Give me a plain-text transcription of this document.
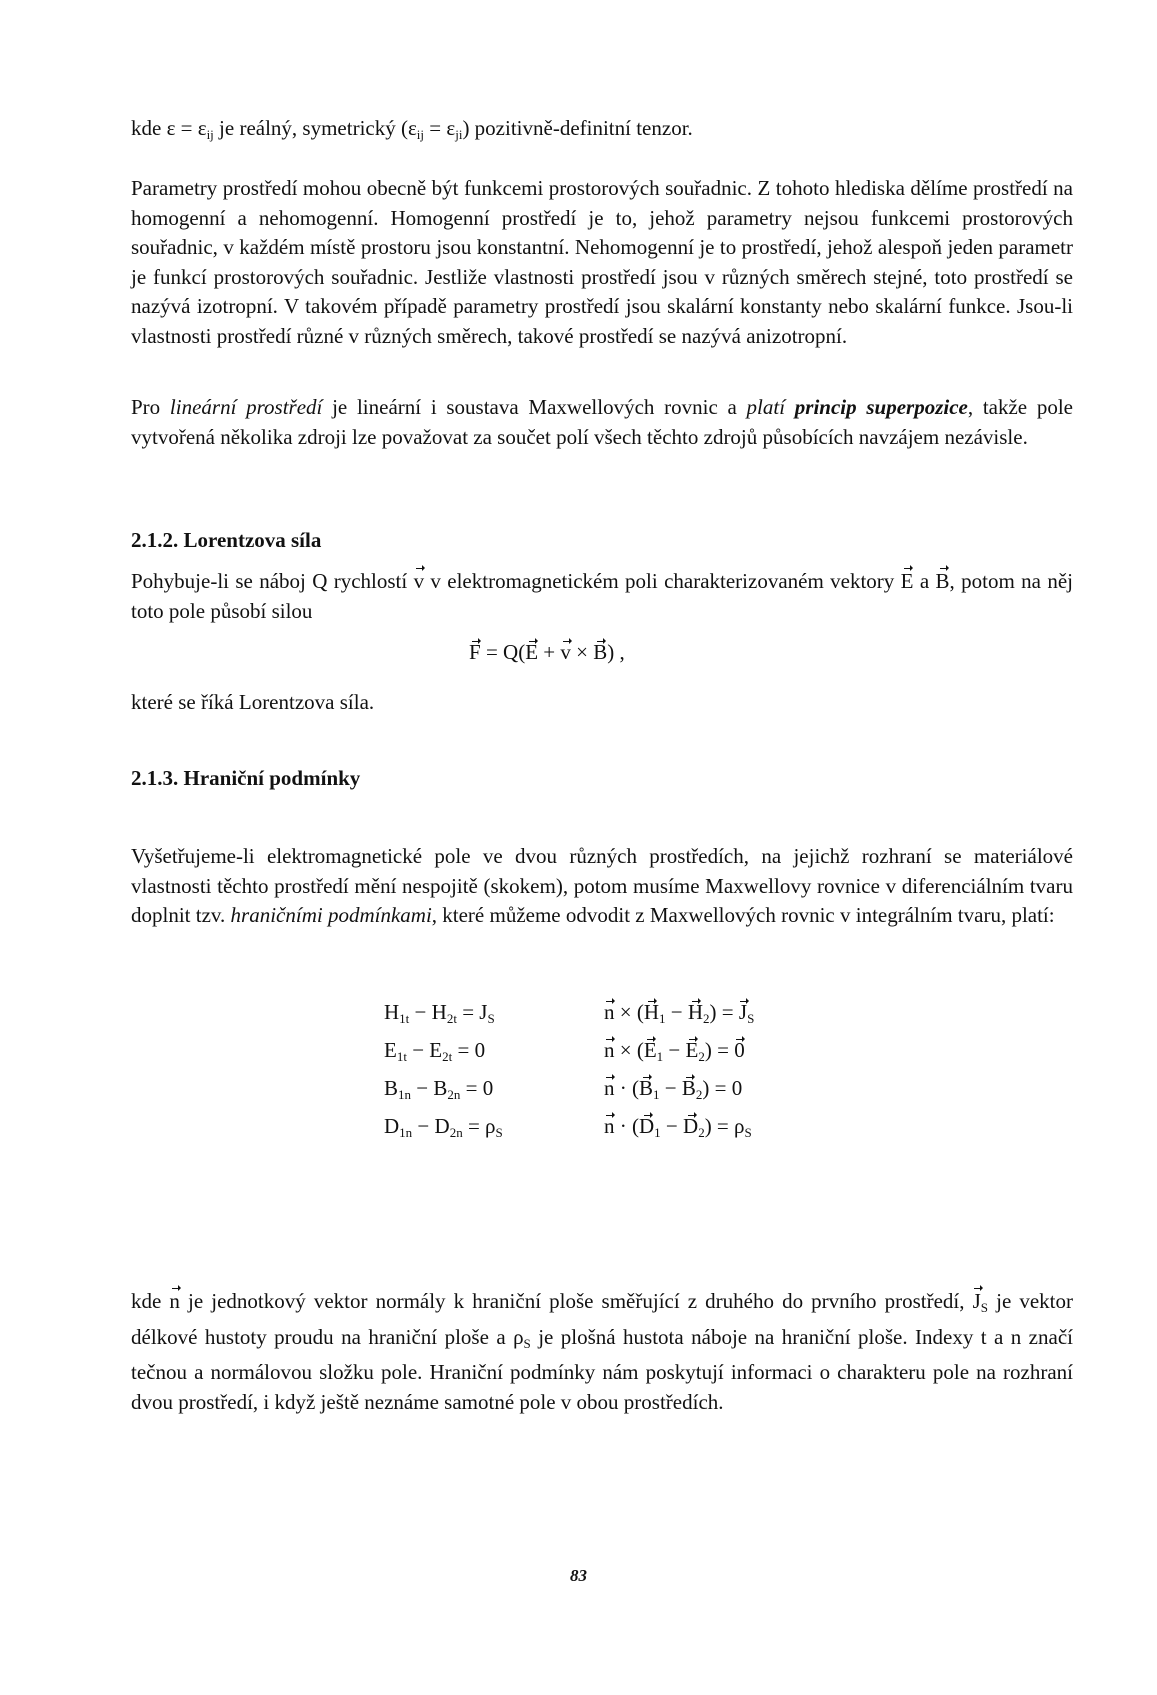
kde $\varepsilon = \varepsilon_{ij}$ je reálný, symetrický $(\varepsilon_{ij} = \varepsilon_{ji})$ pozitivně-definitní tenzor.

Parametry prostředí mohou obecně být funkcemi prostorových souřadnic. Z tohoto hlediska dělíme prostředí na homogenní a nehomogenní. Homogenní prostředí je to, jehož parametry nejsou funkcemi prostorových souřadnic, v každém místě prostoru jsou konstantní. Nehomogenní je to prostředí, jehož alespoň jeden parametr je funkcí prostorových souřadnic. Jestliže vlastnosti prostředí jsou v různých směrech stejné, toto prostředí se nazývá izotropní. V takovém případě parametry prostředí jsou skalární konstanty nebo skalární funkce. Jsou-li vlastnosti prostředí různé v různých směrech, takové prostředí se nazývá anizotropní.

Pro lineární prostředí je lineární i soustava Maxwellových rovnic a platí princip superpozice, takže pole vytvořená několika zdroji lze považovat za součet polí všech těchto zdrojů působících navzájem nezávisle.

2.1.2. Lorentzova síla

Pohybuje-li se náboj Q rychlostí v v elektromagnetickém poli charakterizovaném vektory E a B, potom na něj toto pole působí silou

F = Q(E + v × B) ,

které se říká Lorentzova síla.

2.1.3. Hraniční podmínky

Vyšetřujeme-li elektromagnetické pole ve dvou různých prostředích, na jejichž rozhraní se materiálové vlastnosti těchto prostředí mění nespojitě (skokem), potom musíme Maxwellovy rovnice v diferenciálním tvaru doplnit tzv. hraničními podmínkami, které můžeme odvodit z Maxwellových rovnic v integrálním tvaru, platí:

$H_{1t} - H_{2t} = J_S$
$E_{1t} - E_{2t} = 0$
$B_{1n} - B_{2n} = 0$
$D_{1n} - D_{2n} = \rho_S$
$n \times (H_1 - H_2) = J_S$
$n \times (E_1 - E_2) = 0$
$n \cdot (B_1 - B_2) = 0$
$n \cdot (D_1 - D_2) = \rho_S$

kde n je jednotkový vektor normály k hraniční ploše směřující z druhého do prvního prostředí, $J_S$ je vektor délkové hustoty proudu na hraniční ploše a $\rho_S$ je plošná hustota náboje na hraniční ploše. Indexy t a n značí tečnou a normálovou složku pole. Hraniční podmínky nám poskytují informaci o charakteru pole na rozhraní dvou prostředí, i když ještě neznáme samotné pole v obou prostředích.

83
